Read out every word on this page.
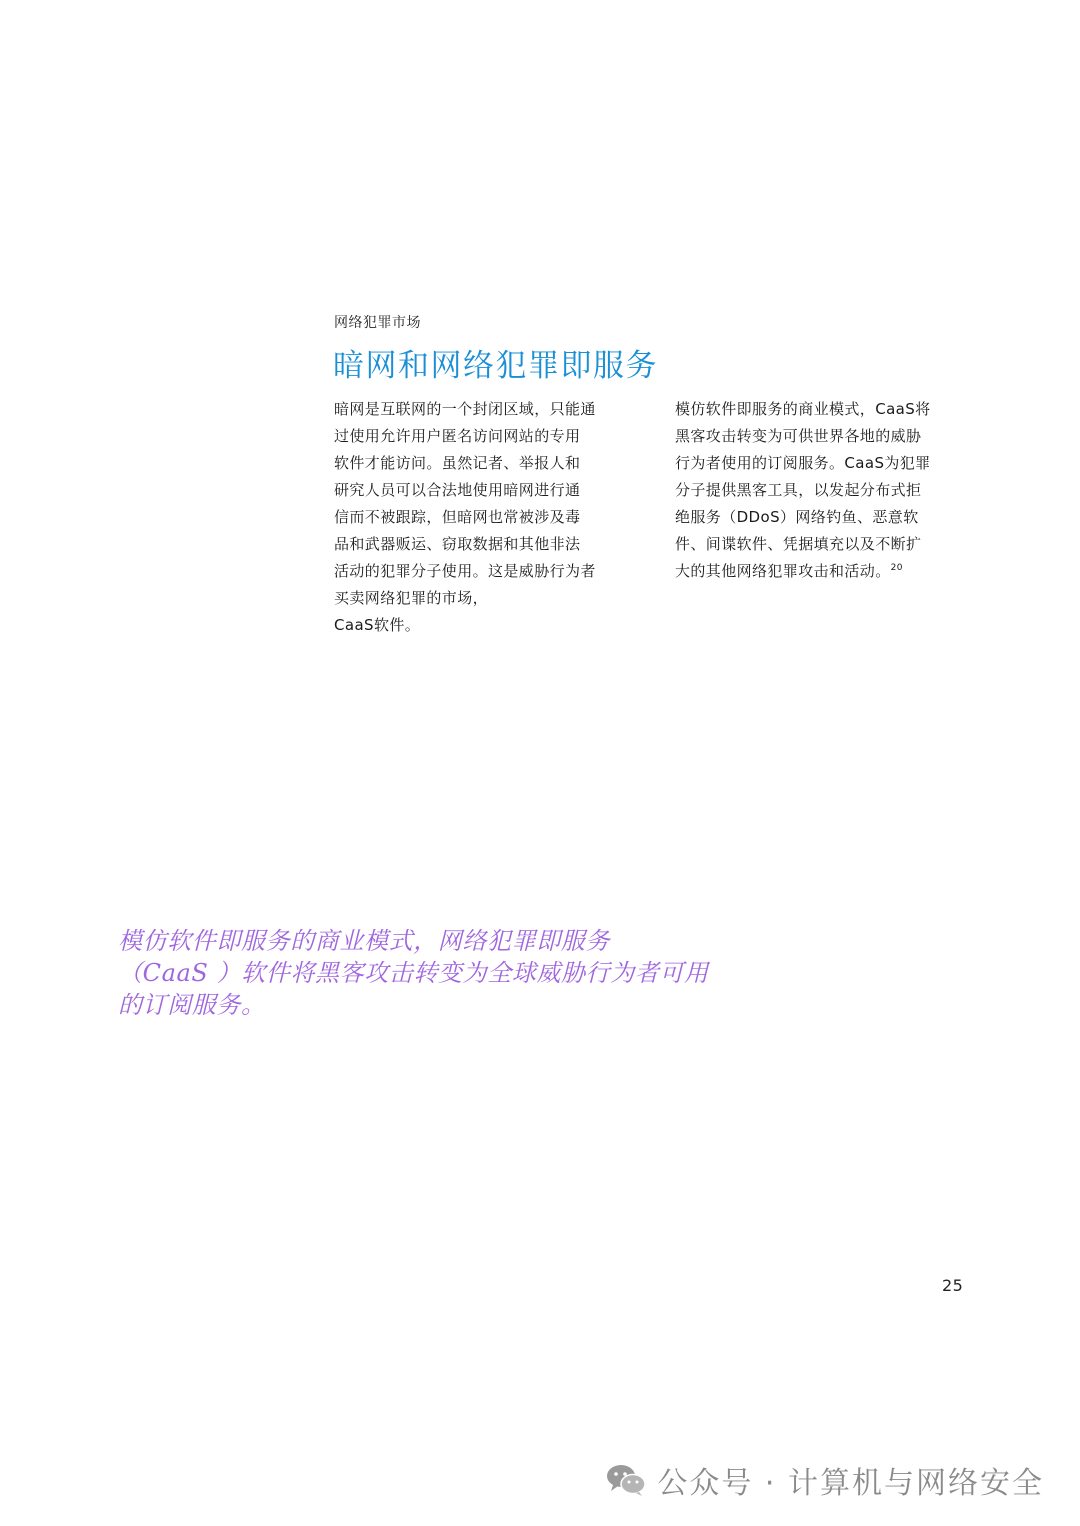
网络犯罪市场
暗网和网络犯罪即服务
暗网是互联网的一个封闭区域，只能通
过使用允许用户匿名访问网站的专用
软件才能访问。虽然记者、举报人和
研究人员可以合法地使用暗网进行通
信而不被跟踪，但暗网也常被涉及毒
品和武器贩运、窃取数据和其他非法
活动的犯罪分子使用。这是威胁行为者
买卖网络犯罪的市场，
CaaS软件。
模仿软件即服务的商业模式，CaaS将
黑客攻击转变为可供世界各地的威胁
行为者使用的订阅服务。CaaS为犯罪
分子提供黑客工具，以发起分布式拒
绝服务（DDoS）网络钓鱼、恶意软
件、间谍软件、凭据填充以及不断扩
大的其他网络犯罪攻击和活动。$^{20}$
模仿软件即服务的商业模式，网络犯罪即服务
（CaaS ）软件将黑客攻击转变为全球威胁行为者可用
的订阅服务。
25
公众号 · 计算机与网络安全
